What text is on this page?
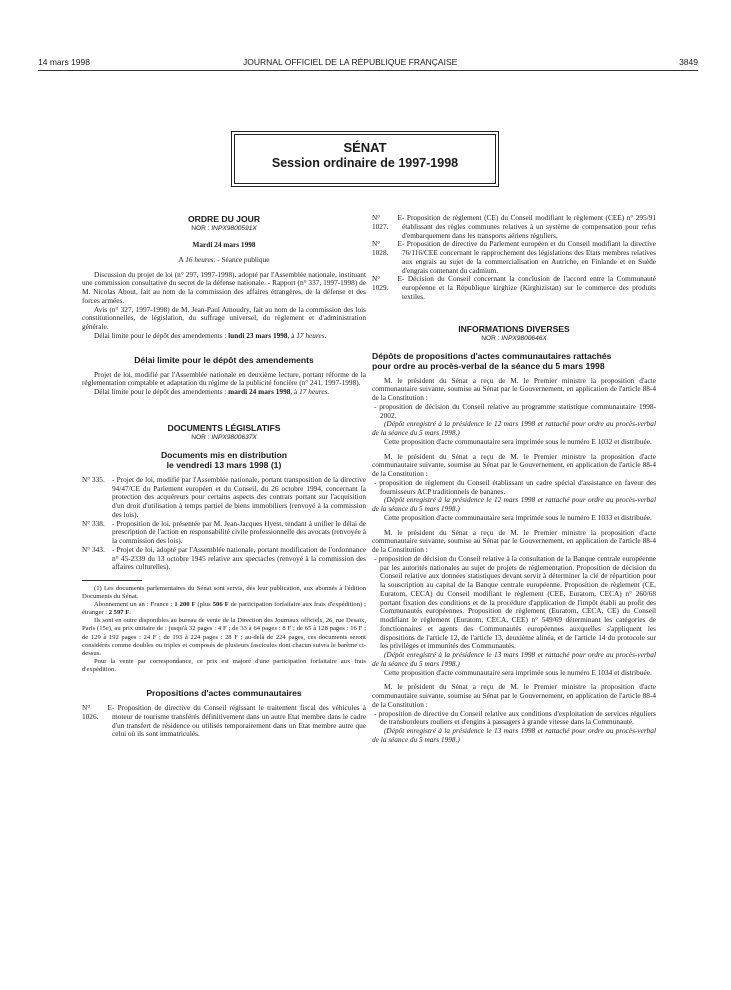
14 mars 1998	JOURNAL OFFICIEL DE LA RÉPUBLIQUE FRANÇAISE	3849
SÉNAT
Session ordinaire de 1997-1998
ORDRE DU JOUR
NOR : INPX9800591X
Mardi 24 mars 1998
A 16 heures. - Séance publique

Discussion du projet de loi (n° 297, 1997-1998), adopté par l'Assemblée nationale, instituant une commission consultative du secret de la défense nationale. - Rapport (n° 337, 1997-1998) de M. Nicolas About, fait au nom de la commission des affaires étrangères, de la défense et des forces armées.

Avis (n° 327, 1997-1998) de M. Jean-Paul Amoudry, fait au nom de la commission des lois constitutionnelles, de législation, du suffrage universel, du règlement et d'administration générale.

Délai limite pour le dépôt des amendements : lundi 23 mars 1998, à 17 heures.

Délai limite pour le dépôt des amendements

Projet de loi, modifié par l'Assemblée nationale en deuxième lecture, portant réforme de la réglementation comptable et adaptation du régime de la publicité foncière (n° 241, 1997-1998).

Délai limite pour le dépôt des amendements : mardi 24 mars 1998, à 17 heures.

DOCUMENTS LÉGISLATIFS
NOR : INPX9800637X
Documents mis en distribution
le vendredi 13 mars 1998 (1)
N° 335. - Projet de loi, modifié par l'Assemblée nationale, portant transposition de la directive 94/47/CE du Parlement européen et du Conseil, du 26 octobre 1994, concernant la protection des acquéreurs pour certains aspects des contrats portant sur l'acquisition d'un droit d'utilisation à temps partiel de biens immobiliers (renvoyé à la commission des lois).
N° 338. - Proposition de loi, présentée par M. Jean-Jacques Hyest, tendant à unifier le délai de prescription de l'action en responsabilité civile professionnelle des avocats (renvoyée à la commission des lois).
N° 343. - Projet de loi, adopté par l'Assemblée nationale, portant modification de l'ordonnance n° 45-2339 du 13 octobre 1945 relative aux spectacles (renvoyé à la commission des affaires culturelles).

(1) Les documents parlementaires du Sénat sont servis, dès leur publication, aux abonnés à l'édition Documents du Sénat.

Abonnement un an : France : 1 200 F (plus 506 F de participation forfaitaire aux frais d'expédition) ; étranger : 2 597 F.

Ils sont en outre disponibles au bureau de vente de la Direction des Journaux officiels, 26, rue Desaix, Paris (15e), au prix unitaire de : jusqu'à 32 pages : 4 F ; de 33 à 64 pages : 8 F ; de 65 à 128 pages : 16 F ; de 129 à 192 pages : 24 F ; de 193 à 224 pages : 28 F ; au-delà de 224 pages, ces documents seront considérés comme doubles ou triples et composés de plusieurs fascicules dont chacun suivra le barème ci-dessus.

Pour la vente par correspondance, ce prix est majoré d'une participation forfaitaire aux frais d'expédition.

Propositions d'actes communautaires
N° E 1026.
- Proposition de directive du Conseil régissant le traitement fiscal des véhicules à moteur de tourisme transférés définitivement dans un autre Etat membre dans le cadre d'un transfert de résidence ou utilisés temporairement dans un Etat membre autre que celui où ils sont immatriculés.
N° E 1027.
- Proposition de règlement (CE) du Conseil modifiant le règlement (CEE) n° 295/91 établissant des règles communes relatives à un système de compensation pour refus d'embarquement dans les transports aériens réguliers.
N° E 1028.
- Proposition de directive du Parlement européen et du Conseil modifiant la directive 76/116/CEE concernant le rapprochement des législations des Etats membres relatives aux engrais au sujet de la commercialisation en Autriche, en Finlande et en Suède d'engrais contenant du cadmium.
N° E 1029.
- Décision du Conseil concernant la conclusion de l'accord entre la Communauté européenne et la République kirghize (Kirghizistan) sur le commerce des produits textiles.
INFORMATIONS DIVERSES
NOR : INPX9800646X
Dépôts de propositions d'actes communautaires rattachés
pour ordre au procès-verbal de la séance du 5 mars 1998

M. le président du Sénat a reçu de M. le Premier ministre la proposition d'acte communautaire suivante, soumise au Sénat par le Gouvernement, en application de l'article 88-4 de la Constitution :

- proposition de décision du Conseil relative au programme statistique communautaire 1998-2002.

(Dépôt enregistré à la présidence le 12 mars 1998 et rattaché pour ordre au procès-verbal de la séance du 5 mars 1998.)

Cette proposition d'acte communautaire sera imprimée sous le numéro E 1032 et distribuée.

M. le président du Sénat a reçu de M. le Premier ministre la proposition d'acte communautaire suivante, soumise au Sénat par le Gouvernement, en application de l'article 88-4 de la Constitution :

- proposition de règlement du Conseil établissant un cadre spécial d'assistance en faveur des fournisseurs ACP traditionnels de bananes.

(Dépôt enregistré à la présidence le 12 mars 1998 et rattaché pour ordre au procès-verbal de la séance du 5 mars 1998.)

Cette proposition d'acte communautaire sera imprimée sous le numéro E 1033 et distribuée.

M. le président du Sénat a reçu de M. le Premier ministre la proposition d'acte communautaire suivante, soumise au Sénat par le Gouvernement, en application de l'article 88-4 de la Constitution :

- proposition de décision du Conseil relative à la consultation de la Banque centrale européenne par les autorités nationales au sujet de projets de réglementation. Proposition de décision du Conseil relative aux données statistiques devant servir à déterminer la clé de répartition pour la souscription au capital de la Banque centrale européenne. Proposition de règlement (CE, Euratom, CECA) du Conseil modifiant le règlement (CEE, Euratom, CECA) n° 260/68 portant fixation des conditions et de la procédure d'application de l'impôt établi au profit des Communautés européennes. Proposition de règlement (Euratom, CECA, CE) du Conseil modifiant le règlement (Euratom, CECA, CEE) n° 549/69 déterminant les catégories de fonctionnaires et agents des Communautés européennes auxquelles s'appliquent les dispositions de l'article 12, de l'article 13, deuxième alinéa, et de l'article 14 du protocole sur les privilèges et immunités des Communautés.

(Dépôt enregistré à la présidence le 13 mars 1998 et rattaché pour ordre au procès-verbal de la séance du 5 mars 1998.)

Cette proposition d'acte communautaire sera imprimée sous le numéro E 1034 et distribuée.

M. le président du Sénat a reçu de M. le Premier ministre la proposition d'acte communautaire suivante, soumise au Sénat par le Gouvernement, en application de l'article 88-4 de la Constitution :

- proposition de directive du Conseil relative aux conditions d'exploitation de services réguliers de transbordeurs rouliers et d'engins à passagers à grande vitesse dans la Communauté.

(Dépôt enregistré à la présidence le 13 mars 1998 et rattaché pour ordre au procès-verbal de la séance du 5 mars 1998.)
